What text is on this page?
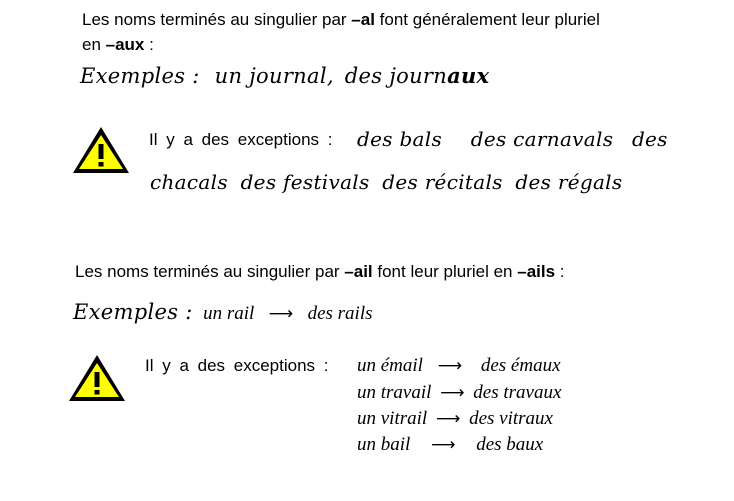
Les noms terminés au singulier par –al font généralement leur pluriel
en –aux :
Exemples : un journal, des journaux
Il y a des exceptions : des bals des carnavals des
chacals des festivals des récitals des régals
Les noms terminés au singulier par –ail font leur pluriel en –ails :
Exemples : un rail ⟶ des rails
Il y a des exceptions : un émail ⟶ des émaux
un travail ⟶ des travaux
un vitrail ⟶ des vitraux
un bail ⟶ des baux
